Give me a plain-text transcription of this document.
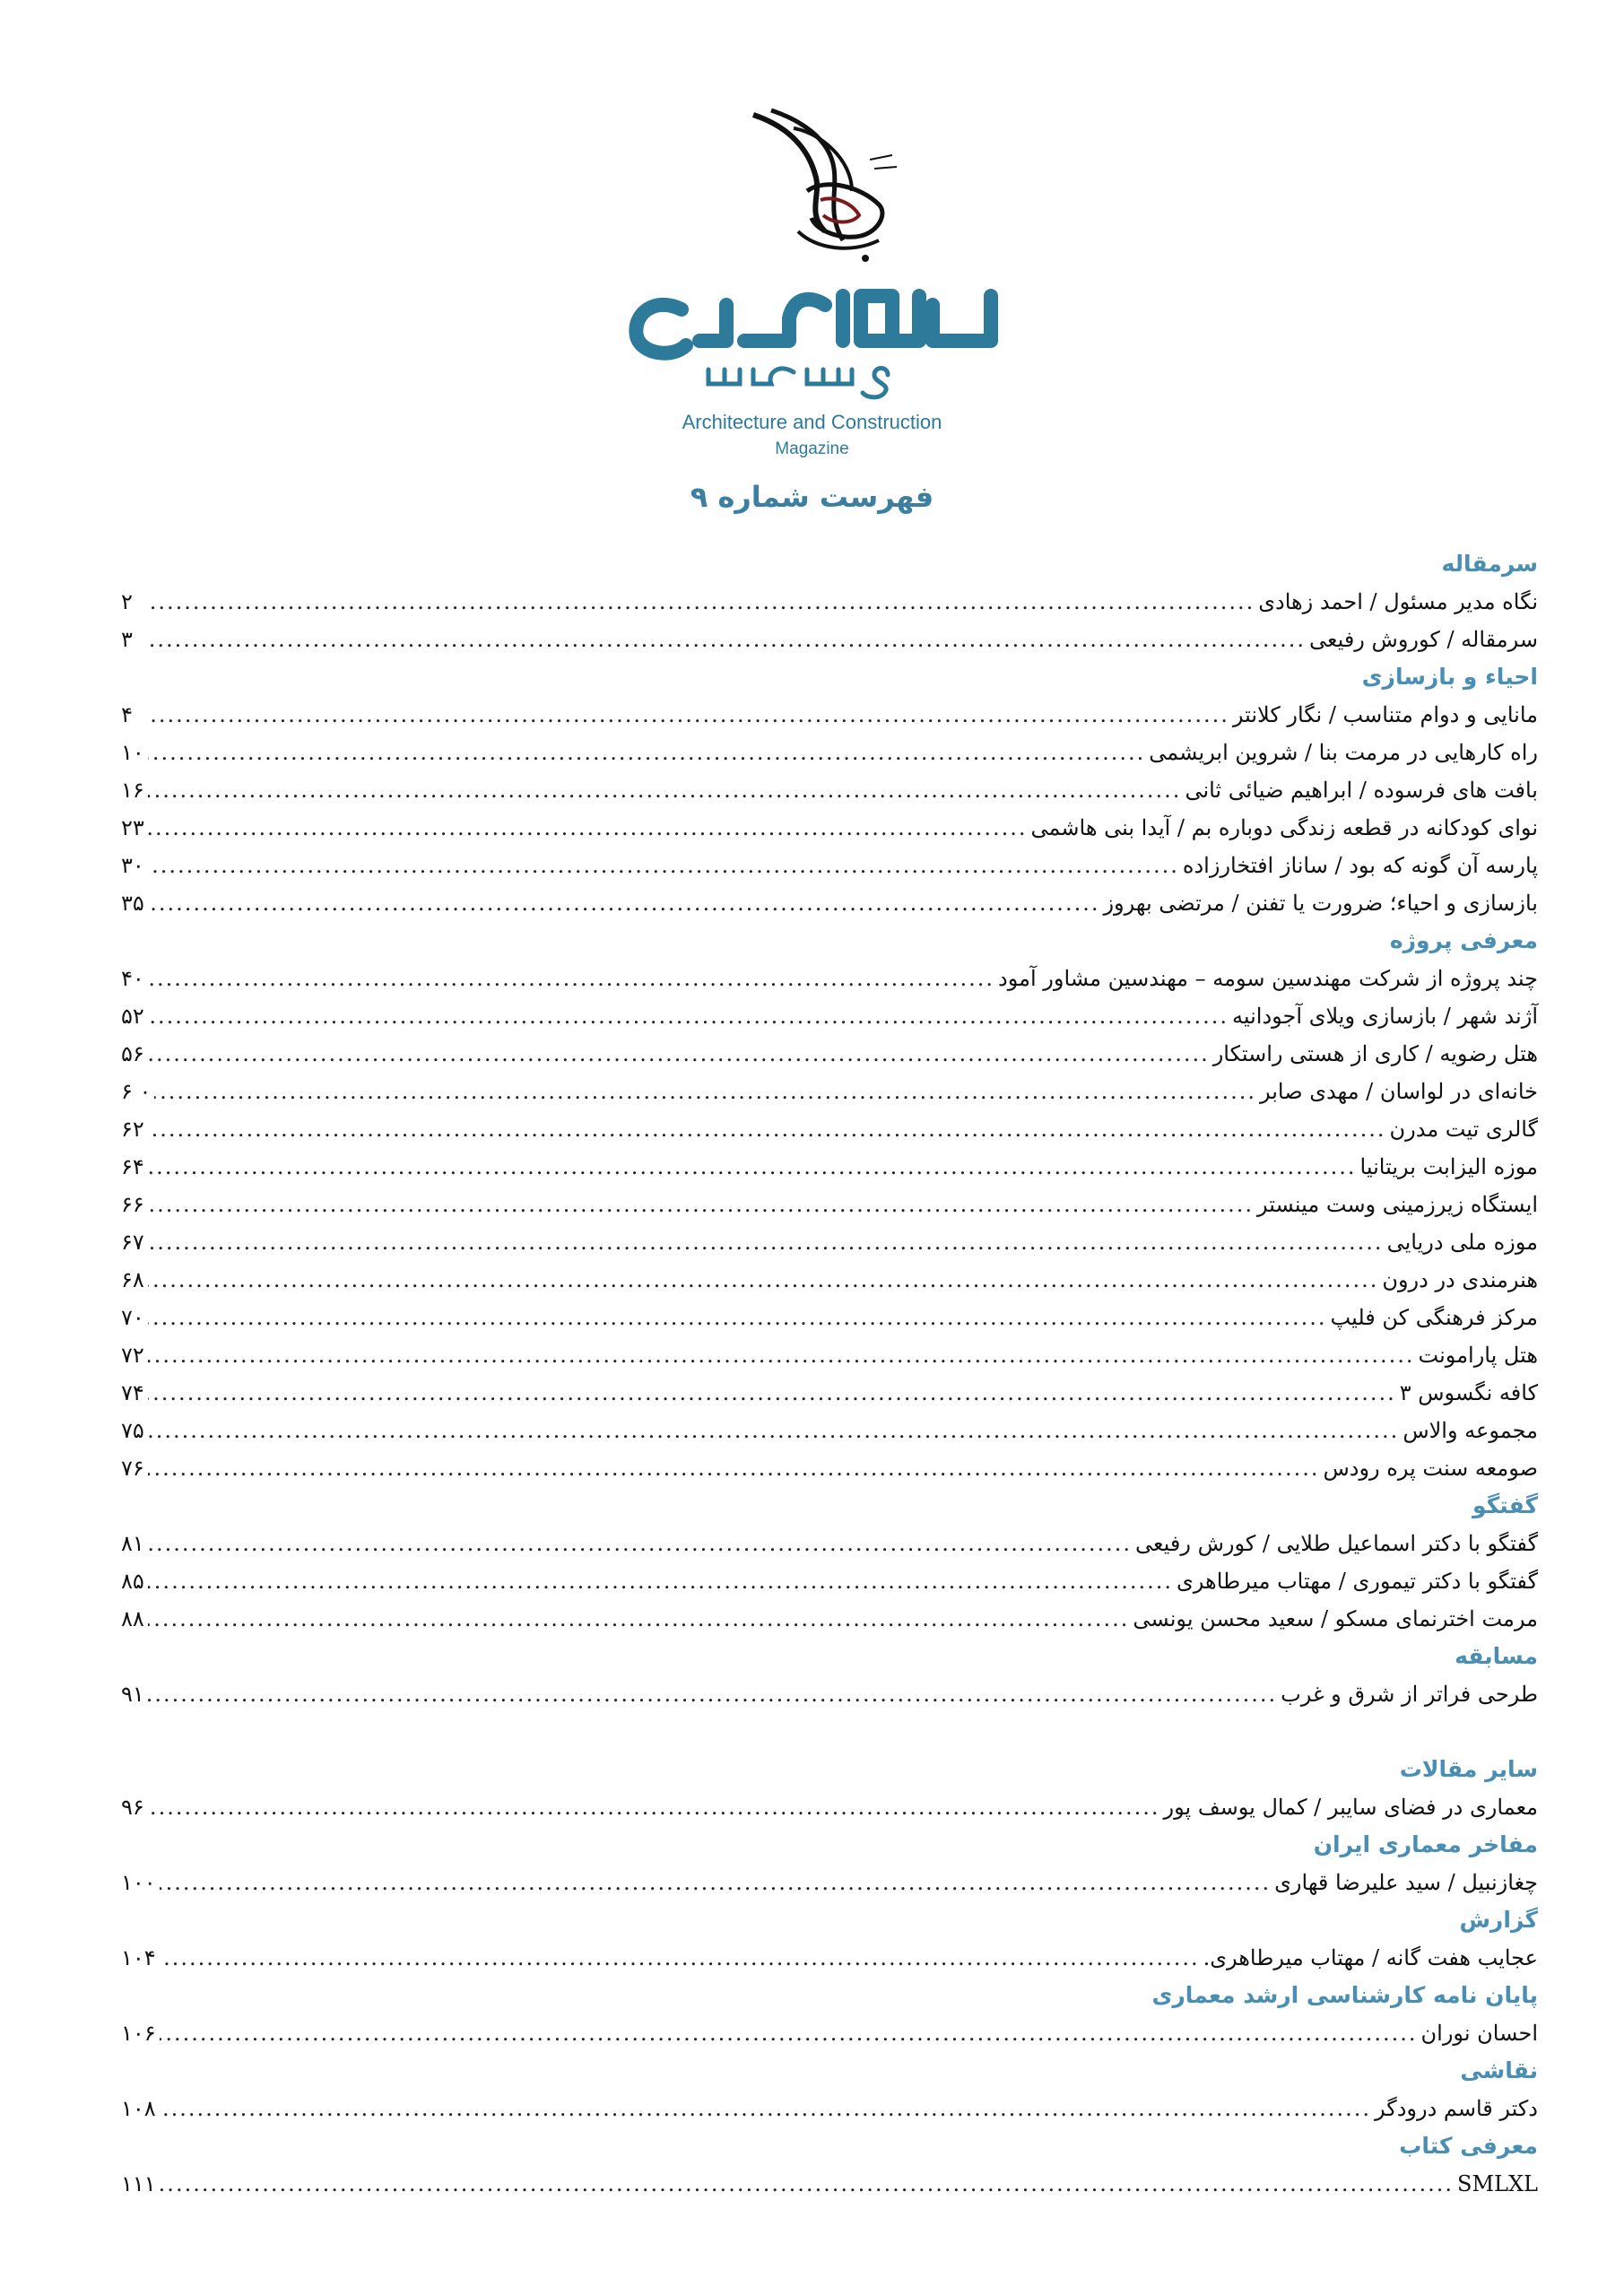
Architecture and Construction
Magazine
فهرست شماره ۹
سرمقاله
نگاه مدیر مسئول / احمد زهادی
.....
۲
سرمقاله / کوروش رفیعی
.....
۳
احیاء و بازسازی
مانایی و دوام متناسب / نگار کلانتر
.....
۴
راه کارهایی در مرمت بنا / شروین ابریشمی
.....
۱۰
بافت های فرسوده / ابراهیم ضیائی ثانی
.....
۱۶
نوای کودکانه در قطعه زندگی دوباره بم / آیدا بنی هاشمی
.....
۲۳
پارسه آن گونه که بود / ساناز افتخارزاده
.....
۳۰
بازسازی و احیاء؛ ضرورت یا تفنن / مرتضی بهروز
.....
۳۵
معرفی پروژه
چند پروژه از شرکت مهندسین سومه – مهندسین مشاور آمود
.....
۴۰
آژند شهر / بازسازی ویلای آجودانیه
.....
۵۲
هتل رضویه / کاری از هستی راستکار
.....
۵۶
خانه‌ای در لواسان / مهدی صابر
.....
۶ ۰
گالری تیت مدرن
.....
۶۲
موزه الیزابت بریتانیا
.....
۶۴
ایستگاه زیرزمینی وست مینستر
.....
۶۶
موزه ملی دریایی
.....
۶۷
هنرمندی در درون
.....
۶۸
مرکز فرهنگی کن فلیپ
.....
۷۰
هتل پارامونت
.....
۷۲
کافه نگسوس ۳
.....
۷۴
مجموعه والاس
.....
۷۵
صومعه سنت پره رودس
.....
۷۶
گفتگو
گفتگو با دکتر اسماعیل طلایی / کورش رفیعی
.....
۸۱
گفتگو با دکتر تیموری / مهتاب میرطاهری
.....
۸۵
مرمت اخترنمای مسکو / سعید محسن یونسی
.....
۸۸
مسابقه
طرحی فراتر از شرق و غرب
.....
۹۱
سایر مقالات
معماری در فضای سایبر / کمال یوسف پور
.....
۹۶
مفاخر معماری ایران
چغازنبیل / سید علیرضا قهاری
.....
۱۰۰
گزارش
عجایب هفت گانه / مهتاب میرطاهری.
.....
۱۰۴
پایان نامه کارشناسی ارشد معماری
احسان نوران
.....
۱۰۶
نقاشی
دکتر قاسم درودگر
.....
۱۰۸
معرفی کتاب
SMLXL
.....
۱۱۱
